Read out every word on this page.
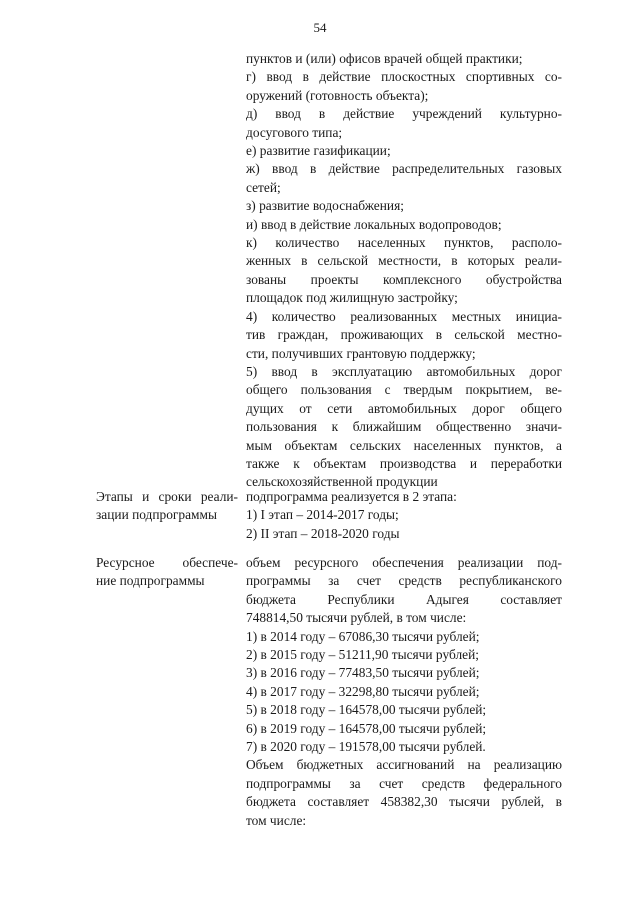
54
пунктов и (или) офисов врачей общей практики;
г) ввод в действие плоскостных спортивных со-
оружений (готовность объекта);
д) ввод в действие учреждений культурно-
досугового типа;
е) развитие газификации;
ж) ввод в действие распределительных газовых
сетей;
з) развитие водоснабжения;
и) ввод в действие локальных водопроводов;
к) количество населенных пунктов, располо-
женных в сельской местности, в которых реали-
зованы проекты комплексного обустройства
площадок под жилищную застройку;
4) количество реализованных местных инициа-
тив граждан, проживающих в сельской местно-
сти, получивших грантовую поддержку;
5) ввод в эксплуатацию автомобильных дорог
общего пользования с твердым покрытием, ве-
дущих от сети автомобильных дорог общего
пользования к ближайшим общественно значи-
мым объектам сельских населенных пунктов, а
также к объектам производства и переработки
сельскохозяйственной продукции
Этапы и сроки реали-
зации подпрограммы
подпрограмма реализуется в 2 этапа:
1) I этап – 2014-2017 годы;
2) II этап – 2018-2020 годы
Ресурсное обеспече-
ние подпрограммы
объем ресурсного обеспечения реализации под-
программы за счет средств республиканского
бюджета Республики Адыгея составляет
748814,50 тысячи рублей, в том числе:
1) в 2014 году – 67086,30 тысячи рублей;
2) в 2015 году – 51211,90 тысячи рублей;
3) в 2016 году – 77483,50 тысячи рублей;
4) в 2017 году – 32298,80 тысячи рублей;
5) в 2018 году – 164578,00 тысячи рублей;
6) в 2019 году – 164578,00 тысячи рублей;
7) в 2020 году – 191578,00 тысячи рублей.
Объем бюджетных ассигнований на реализацию
подпрограммы за счет средств федерального
бюджета составляет 458382,30 тысячи рублей, в
том числе:
